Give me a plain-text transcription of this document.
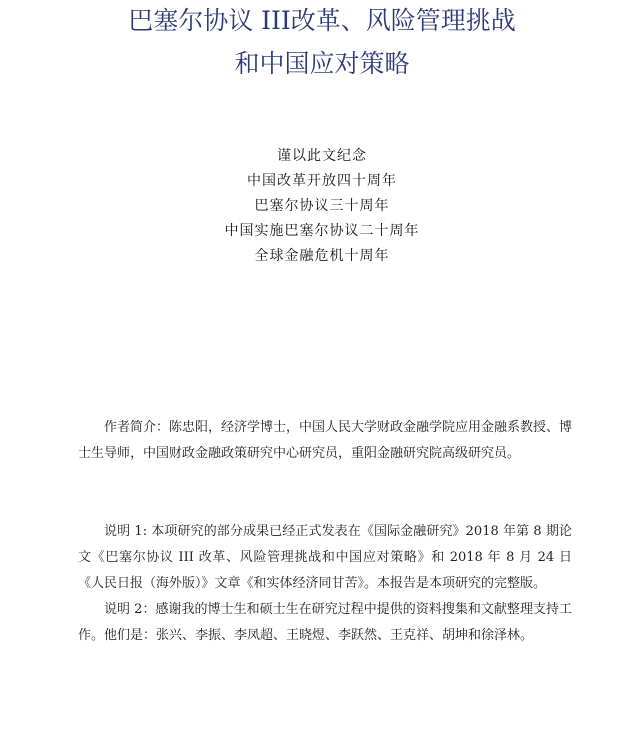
巴塞尔协议 III改革、风险管理挑战
和中国应对策略
谨以此文纪念
中国改革开放四十周年
巴塞尔协议三十周年
中国实施巴塞尔协议二十周年
全球金融危机十周年

作者简介：陈忠阳，经济学博士，中国人民大学财政金融学院应用金融系教授、博士生导师，中国财政金融政策研究中心研究员，重阳金融研究院高级研究员。

说明 1: 本项研究的部分成果已经正式发表在《国际金融研究》2018 年第 8 期论文《巴塞尔协议 III 改革、风险管理挑战和中国应对策略》和 2018 年 8 月 24 日《人民日报（海外版）》文章《和实体经济同甘苦》。本报告是本项研究的完整版。

说明 2：感谢我的博士生和硕士生在研究过程中提供的资料搜集和文献整理支持工作。他们是：张兴、李振、李凤超、王晓煜、李跃然、王克祥、胡坤和徐泽林。
